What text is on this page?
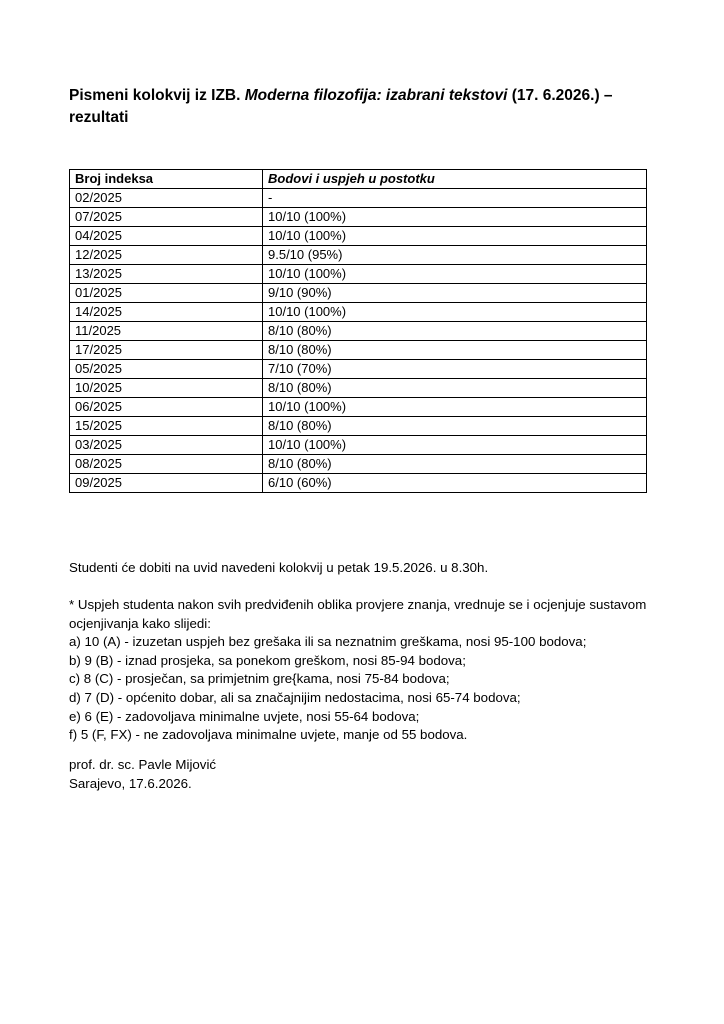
Pismeni kolokvij iz IZB. Moderna filozofija: izabrani tekstovi (17. 6.2026.) –
rezultati
Broj indeksa	Bodovi i uspjeh u postotku
02/2025	-
07/2025	10/10 (100%)
04/2025	10/10 (100%)
12/2025	9.5/10 (95%)
13/2025	10/10 (100%)
01/2025	9/10 (90%)
14/2025	10/10 (100%)
11/2025	8/10 (80%)
17/2025	8/10 (80%)
05/2025	7/10 (70%)
10/2025	8/10 (80%)
06/2025	10/10 (100%)
15/2025	8/10 (80%)
03/2025	10/10 (100%)
08/2025	8/10 (80%)
09/2025	6/10 (60%)

Studenti će dobiti na uvid navedeni kolokvij u petak 19.5.2026. u 8.30h.

* Uspjeh studenta nakon svih predviđenih oblika provjere znanja, vrednuje se i ocjenjuje sustavom ocjenjivanja kako slijedi:

a) 10 (A) - izuzetan uspjeh bez grešaka ili sa neznatnim greškama, nosi 95-100 bodova;
b) 9 (B) - iznad prosjeka, sa ponekom greškom, nosi 85-94 bodova;
c) 8 (C) - prosječan, sa primjetnim gre{kama, nosi 75-84 bodova;
d) 7 (D) - općenito dobar, ali sa značajnijim nedostacima, nosi 65-74 bodova;
e) 6 (E) - zadovoljava minimalne uvjete, nosi 55-64 bodova;
f) 5 (F, FX) - ne zadovoljava minimalne uvjete, manje od 55 bodova.

prof. dr. sc. Pavle Mijović

Sarajevo, 17.6.2026.
